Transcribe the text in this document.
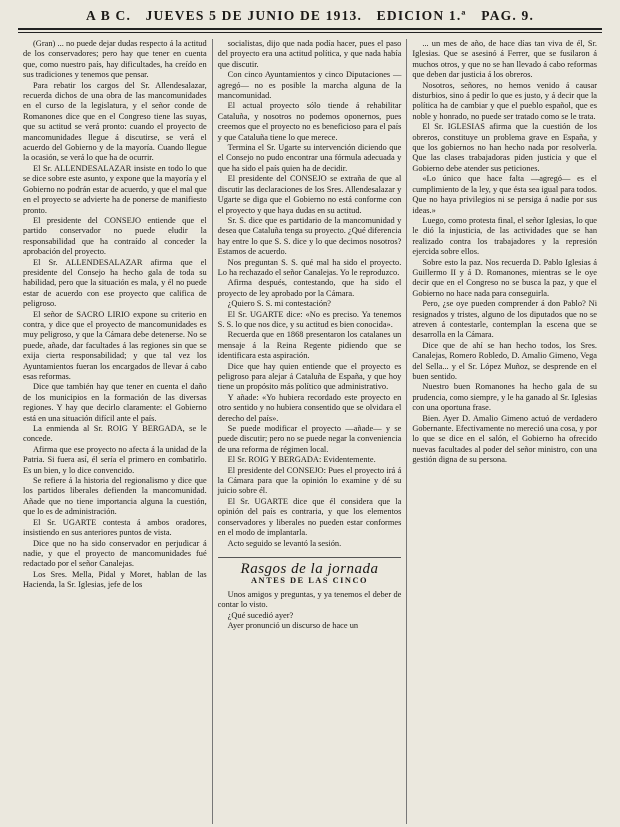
A B C. JUEVES 5 DE JUNIO DE 1913. EDICION 1.ª PAG. 9.

(Gran) ... no puede dejar dudas respecto á la actitud de los conservadores; pero hay que tener en cuenta que, como nuestro país, hay dificultades, ha creído en sus tradiciones y tenemos que pensar.

Para rebatir los cargos del Sr. Allendesalazar, recuerda dichos de una obra de las mancomunidades en el curso de la legislatura, y el señor conde de Romanones dice que en el Congreso tiene las suyas, que su actitud se verá pronto: cuando el proyecto de mancomunidades llegue á discutirse, se verá el acuerdo del Gobierno y de la mayoría. Cuando llegue la ocasión, se verá lo que ha de ocurrir.

El Sr. ALLENDESALAZAR insiste en todo lo que se dice sobre este asunto, y expone que la mayoría y el Gobierno no podrán estar de acuerdo, y que el mal que en el proyecto se advierte ha de ponerse de manifiesto pronto.

El presidente del CONSEJO entiende que el partido conservador no puede eludir la responsabilidad que ha contraído al conceder la aprobación del proyecto.

El Sr. ALLENDESALAZAR afirma que el presidente del Consejo ha hecho gala de toda su habilidad, pero que la situación es mala, y él no puede estar de acuerdo con ese proyecto que califica de peligroso.

El señor de SACRO LIRIO expone su criterio en contra, y dice que el proyecto de mancomunidades es muy peligroso, y que la Cámara debe detenerse. No se puede, añade, dar facultades á las regiones sin que se exija cierta responsabilidad; y que tal vez los Ayuntamientos fueran los encargados de llevar á cabo esas reformas.

Dice que también hay que tener en cuenta el daño de los municipios en la formación de las diversas regiones. Y hay que decirlo claramente: el Gobierno está en una situación difícil ante el país.

La enmienda al Sr. ROIG Y BERGADA, se le concede.

Afirma que ese proyecto no afecta á la unidad de la Patria. Si fuera así, él sería el primero en combatirlo. Es un bien, y lo dice convencido.

Se refiere á la historia del regionalismo y dice que los partidos liberales defienden la mancomunidad. Añade que no tiene importancia alguna la cuestión, que lo es de administración.

El Sr. UGARTE contesta á ambos oradores, insistiendo en sus anteriores puntos de vista.

Dice que no ha sido conservador en perjudicar á nadie, y que el proyecto de mancomunidades fué redactado por el señor Canalejas.

Los Sres. Mella, Pidal y Moret, hablan de las Hacienda, la Sr. Iglesias, jefe de los

socialistas, dijo que nada podía hacer, pues el paso del proyecto era una actitud política, y que nada había que discutir.

Con cinco Ayuntamientos y cinco Diputaciones —agregó— no es posible la marcha alguna de la mancomunidad.

El actual proyecto sólo tiende á rehabilitar Cataluña, y nosotros no podemos oponernos, pues creemos que el proyecto no es beneficioso para el país y que Cataluña tiene lo que merece.

Termina el Sr. Ugarte su intervención diciendo que el Consejo no pudo encontrar una fórmula adecuada y que ha sido el país quien ha de decidir.

El presidente del CONSEJO se extraña de que al discutir las declaraciones de los Sres. Allendesalazar y Ugarte se diga que el Gobierno no está conforme con el proyecto y que haya dudas en su actitud.

Sr. S. dice que es partidario de la mancomunidad y desea que Cataluña tenga su proyecto. ¿Qué diferencia hay entre lo que S. S. dice y lo que decimos nosotros? Estamos de acuerdo.

Nos preguntan S. S. qué mal ha sido el proyecto. Lo ha rechazado el señor Canalejas. Yo le reproduzco.

Afirma después, contestando, que ha sido el proyecto de ley aprobado por la Cámara.

¿Quiero S. S. mi contestación?

El Sr. UGARTE dice: «No es preciso. Ya tenemos S. S. lo que nos dice, y su actitud es bien conocida».

Recuerda que en 1868 presentaron los catalanes un mensaje á la Reina Regente pidiendo que se identificara esta aspiración.

Dice que hay quien entiende que el proyecto es peligroso para alejar á Cataluña de España, y que hoy tiene un propósito más político que administrativo.

Y añade: «Yo hubiera recordado este proyecto en otro sentido y no hubiera consentido que se olvidara el derecho del país».

Se puede modificar el proyecto —añade— y se puede discutir; pero no se puede negar la conveniencia de una reforma de régimen local.

El Sr. ROIG Y BERGADA: Evidentemente.

El presidente del CONSEJO: Pues el proyecto irá á la Cámara para que la opinión lo examine y dé su juicio sobre él.

El Sr. UGARTE dice que él considera que la opinión del país es contraria, y que los elementos conservadores y liberales no pueden estar conformes en el modo de implantarla.

Acto seguido se levantó la sesión.

Rasgos de la jornada
ANTES DE LAS CINCO

Unos amigos y preguntas, y ya tenemos el deber de contar lo visto.

¿Qué sucedió ayer?

Ayer pronunció un discurso de hace un

... un mes de año, de hace días tan viva de él, Sr. Iglesias. Que se asesinó á Ferrer, que se fusilaron á muchos otros, y que no se han llevado á cabo reformas que deben dar justicia á los obreros.

Nosotros, señores, no hemos venido á causar disturbios, sino á pedir lo que es justo, y á decir que la política ha de cambiar y que el pueblo español, que es noble y honrado, no puede ser tratado como se le trata.

El Sr. IGLESIAS afirma que la cuestión de los obreros, constituye un problema grave en España, y que los gobiernos no han hecho nada por resolverla. Que las clases trabajadoras piden justicia y que el Gobierno debe atender sus peticiones.

«Lo único que hace falta —agregó— es el cumplimiento de la ley, y que ésta sea igual para todos. Que no haya privilegios ni se persiga á nadie por sus ideas.»

Luego, como protesta final, el señor Iglesias, lo que le dió la injusticia, de las actividades que se han realizado contra los trabajadores y la represión ejercida sobre ellos.

Sobre esto la paz. Nos recuerda D. Pablo Iglesias á Guillermo II y á D. Romanones, mientras se le oye decir que en el Congreso no se busca la paz, y que el Gobierno no hace nada para conseguirla.

Pero, ¿se oye pueden comprender á don Pablo? Ni resignados y tristes, alguno de los diputados que no se atreven á contestarle, contemplan la escena que se desarrolla en la Cámara.

Dice que de ahí se han hecho todos, los Sres. Canalejas, Romero Robledo, D. Amalio Gimeno, Vega del Sella... y el Sr. López Muñoz, se desprende en el buen sentido.

Nuestro buen Romanones ha hecho gala de su prudencia, como siempre, y le ha ganado al Sr. Iglesias con una oportuna frase.

Bien. Ayer D. Amalio Gimeno actuó de verdadero Gobernante. Efectivamente no mereció una cosa, y por lo que se dice en el salón, el Gobierno ha ofrecido nuevas facultades al poder del señor ministro, con una gestión digna de su persona.
